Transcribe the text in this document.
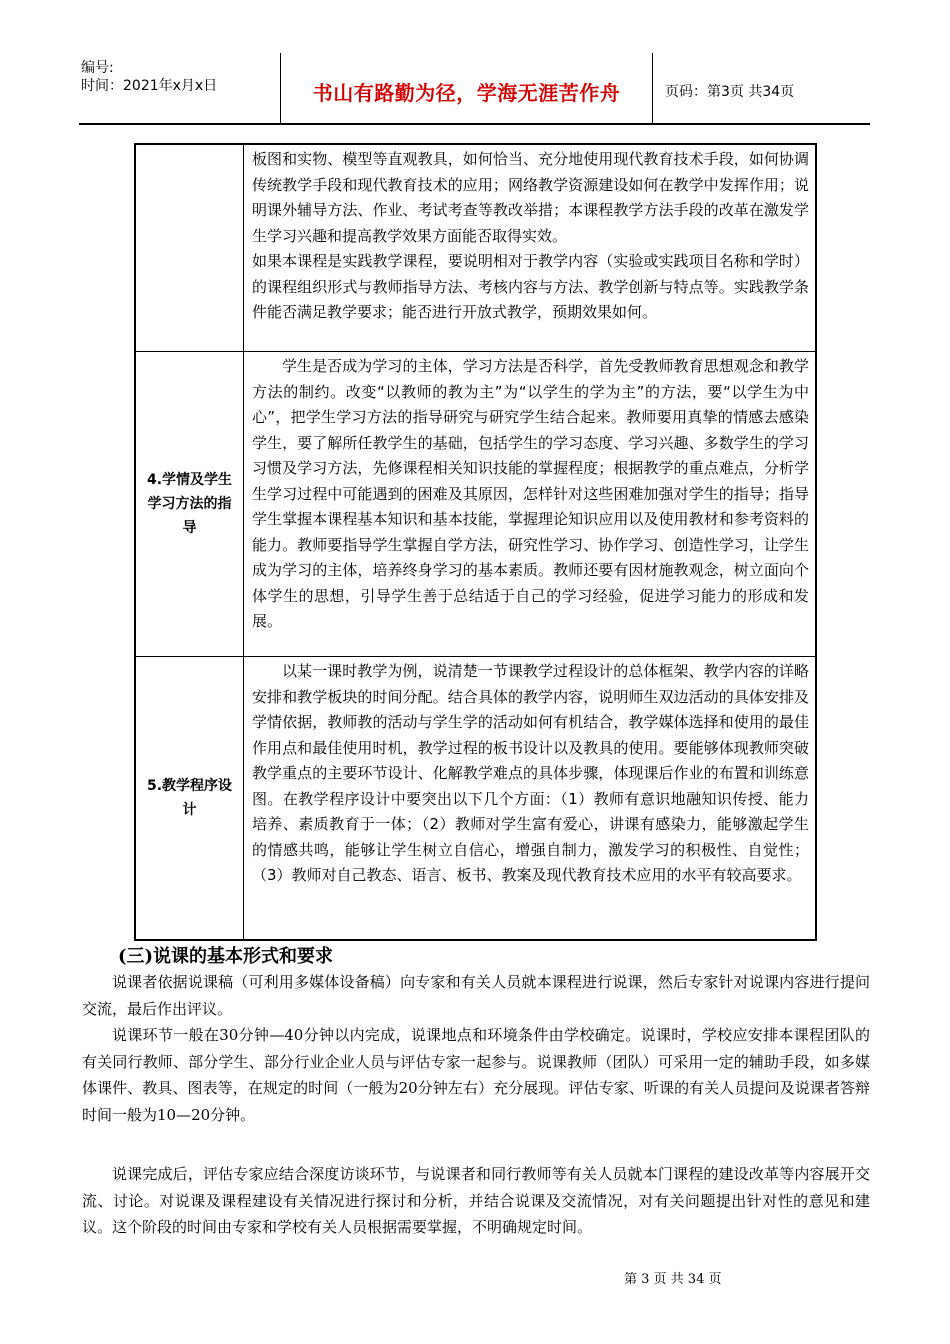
编号:
时间：2021年x月x日	书山有路勤为径，学海无涯苦作舟	页码：第3页 共34页

板图和实物、模型等直观教具，如何恰当、充分地使用现代教育技术手段，如何协调传统教学手段和现代教育技术的应用；网络教学资源建设如何在教学中发挥作用；说明课外辅导方法、作业、考试考查等教改举措；本课程教学方法手段的改革在激发学生学习兴趣和提高教学效果方面能否取得实效。

如果本课程是实践教学课程，要说明相对于教学内容（实验或实践项目名称和学时）的课程组织形式与教师指导方法、考核内容与方法、教学创新与特点等。实践教学条件能否满足教学要求；能否进行开放式教学，预期效果如何。

4.学情及学生学习方法的指导

学生是否成为学习的主体，学习方法是否科学，首先受教师教育思想观念和教学方法的制约。改变“以教师的教为主”为“以学生的学为主”的方法，要“以学生为中心”，把学生学习方法的指导研究与研究学生结合起来。教师要用真挚的情感去感染学生，要了解所任教学生的基础，包括学生的学习态度、学习兴趣、多数学生的学习习惯及学习方法，先修课程相关知识技能的掌握程度；根据教学的重点难点，分析学生学习过程中可能遇到的困难及其原因，怎样针对这些困难加强对学生的指导；指导学生掌握本课程基本知识和基本技能，掌握理论知识应用以及使用教材和参考资料的能力。教师要指导学生掌握自学方法，研究性学习、协作学习、创造性学习，让学生成为学习的主体，培养终身学习的基本素质。教师还要有因材施教观念，树立面向个体学生的思想，引导学生善于总结适于自己的学习经验，促进学习能力的形成和发展。

5.教学程序设计

以某一课时教学为例，说清楚一节课教学过程设计的总体框架、教学内容的详略安排和教学板块的时间分配。结合具体的教学内容，说明师生双边活动的具体安排及学情依据，教师教的活动与学生学的活动如何有机结合，教学媒体选择和使用的最佳作用点和最佳使用时机，教学过程的板书设计以及教具的使用。要能够体现教师突破教学重点的主要环节设计、化解教学难点的具体步骤，体现课后作业的布置和训练意图。在教学程序设计中要突出以下几个方面：（1）教师有意识地融知识传授、能力培养、素质教育于一体；（2）教师对学生富有爱心，讲课有感染力，能够激起学生的情感共鸣，能够让学生树立自信心，增强自制力，激发学习的积极性、自觉性；（3）教师对自己教态、语言、板书、教案及现代教育技术应用的水平有较高要求。

(三)说课的基本形式和要求

说课者依据说课稿（可利用多媒体设备稿）向专家和有关人员就本课程进行说课，然后专家针对说课内容进行提问交流，最后作出评议。

说课环节一般在30分钟—40分钟以内完成，说课地点和环境条件由学校确定。说课时，学校应安排本课程团队的有关同行教师、部分学生、部分行业企业人员与评估专家一起参与。说课教师（团队）可采用一定的辅助手段，如多媒体课件、教具、图表等，在规定的时间（一般为20分钟左右）充分展现。评估专家、听课的有关人员提问及说课者答辩时间一般为10—20分钟。

说课完成后，评估专家应结合深度访谈环节，与说课者和同行教师等有关人员就本门课程的建设改革等内容展开交流、讨论。对说课及课程建设有关情况进行探讨和分析，并结合说课及交流情况，对有关问题提出针对性的意见和建议。这个阶段的时间由专家和学校有关人员根据需要掌握，不明确规定时间。

第 3 页 共 34 页
